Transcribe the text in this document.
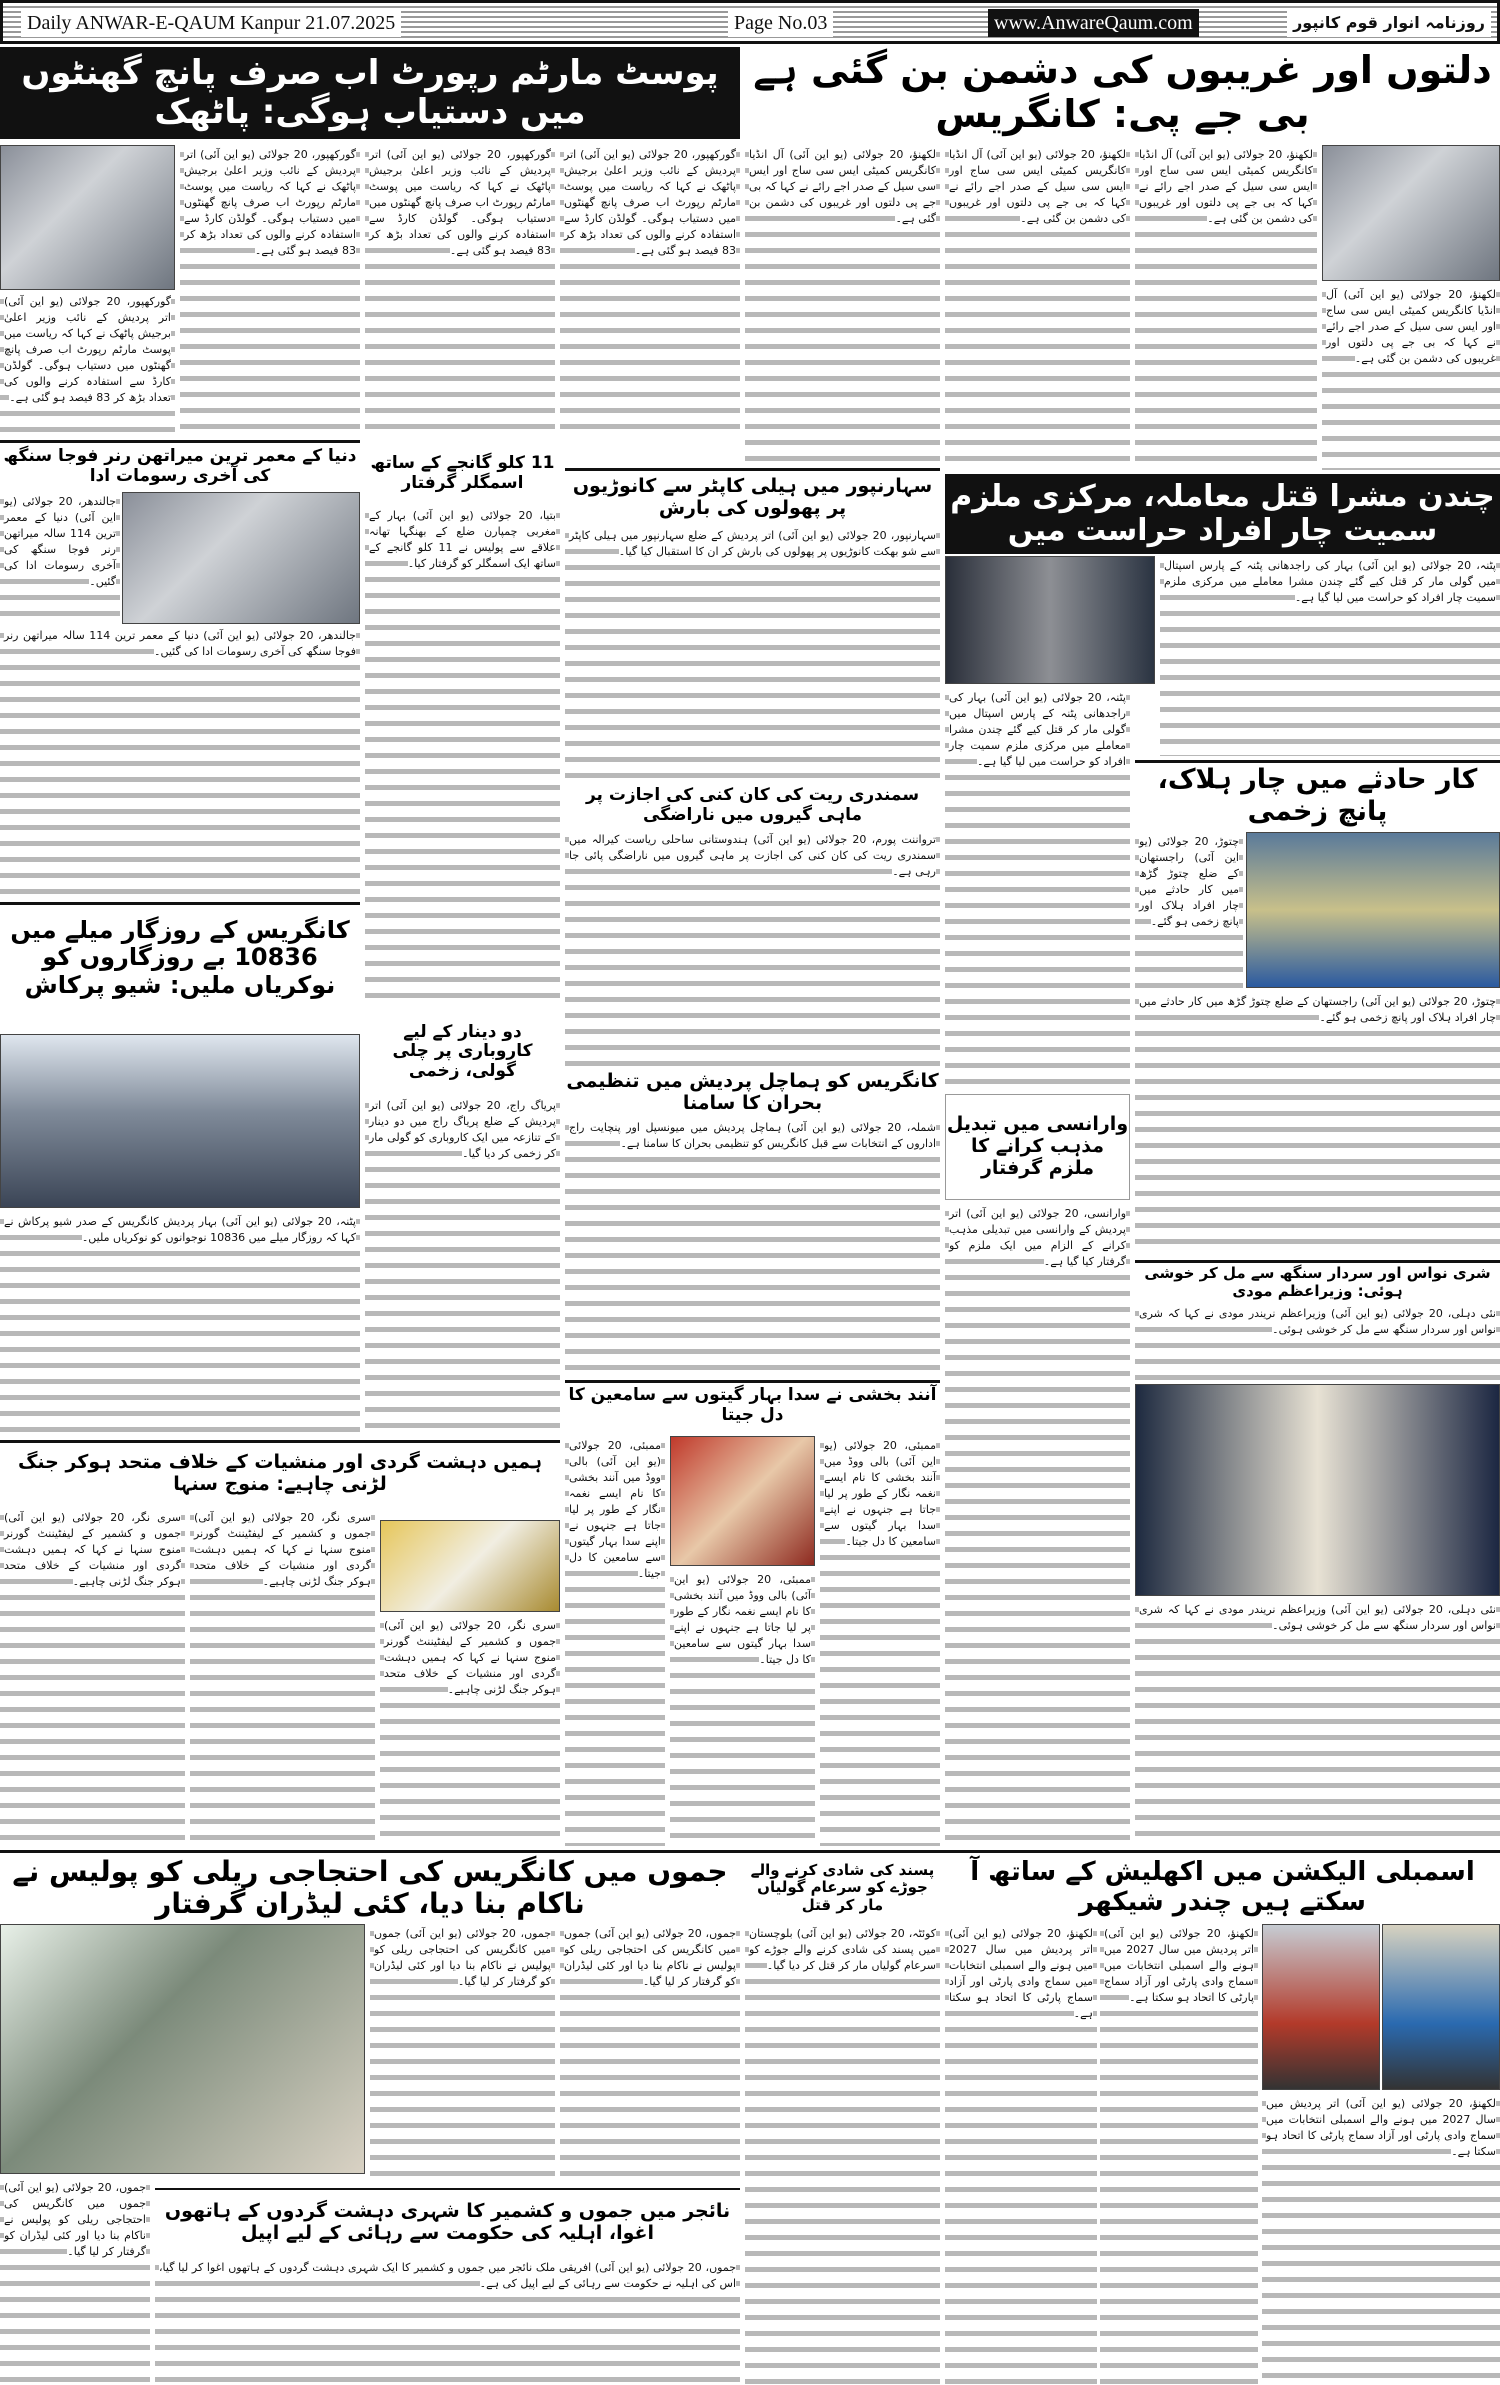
Daily ANWAR-E-QAUM Kanpur 21.07.2025	Page No.03	www.AnwareQaum.com	روزنامہ انوار قوم کانپور
پوسٹ مارٹم رپورٹ اب صرف پانچ گھنٹوں میں دستیاب ہوگی: پاٹھک
دلتوں اور غریبوں کی دشمن بن گئی ہے بی جے پی: کانگریس
گورکھپور، 20 جولائی (یو این آئی) اتر پردیش کے نائب وزیر اعلیٰ برجیش پاٹھک نے کہا کہ ریاست میں پوسٹ مارٹم رپورٹ اب صرف پانچ گھنٹوں میں دستیاب ہوگی۔ گولڈن کارڈ سے استفادہ کرنے والوں کی تعداد بڑھ کر 83 فیصد ہو گئی ہے۔
گورکھپور، 20 جولائی (یو این آئی) اتر پردیش کے نائب وزیر اعلیٰ برجیش پاٹھک نے کہا کہ ریاست میں پوسٹ مارٹم رپورٹ اب صرف پانچ گھنٹوں میں دستیاب ہوگی۔ گولڈن کارڈ سے استفادہ کرنے والوں کی تعداد بڑھ کر 83 فیصد ہو گئی ہے۔
گورکھپور، 20 جولائی (یو این آئی) اتر پردیش کے نائب وزیر اعلیٰ برجیش پاٹھک نے کہا کہ ریاست میں پوسٹ مارٹم رپورٹ اب صرف پانچ گھنٹوں میں دستیاب ہوگی۔ گولڈن کارڈ سے استفادہ کرنے والوں کی تعداد بڑھ کر 83 فیصد ہو گئی ہے۔
گورکھپور، 20 جولائی (یو این آئی) اتر پردیش کے نائب وزیر اعلیٰ برجیش پاٹھک نے کہا کہ ریاست میں پوسٹ مارٹم رپورٹ اب صرف پانچ گھنٹوں میں دستیاب ہوگی۔ گولڈن کارڈ سے استفادہ کرنے والوں کی تعداد بڑھ کر 83 فیصد ہو گئی ہے۔
لکھنؤ، 20 جولائی (یو این آئی) آل انڈیا کانگریس کمیٹی ایس سی ساج اور ایس سی سیل کے صدر اجے رائے نے کہا کہ بی جے پی دلتوں اور غریبوں کی دشمن بن گئی ہے۔
لکھنؤ، 20 جولائی (یو این آئی) آل انڈیا کانگریس کمیٹی ایس سی ساج اور ایس سی سیل کے صدر اجے رائے نے کہا کہ بی جے پی دلتوں اور غریبوں کی دشمن بن گئی ہے۔
لکھنؤ، 20 جولائی (یو این آئی) آل انڈیا کانگریس کمیٹی ایس سی ساج اور ایس سی سیل کے صدر اجے رائے نے کہا کہ بی جے پی دلتوں اور غریبوں کی دشمن بن گئی ہے۔
لکھنؤ، 20 جولائی (یو این آئی) آل انڈیا کانگریس کمیٹی ایس سی ساج اور ایس سی سیل کے صدر اجے رائے نے کہا کہ بی جے پی دلتوں اور غریبوں کی دشمن بن گئی ہے۔
دنیا کے معمر ترین میراتھن رنر فوجا سنگھ کی آخری رسومات ادا
جالندھر، 20 جولائی (یو این آئی) دنیا کے معمر ترین 114 سالہ میراتھن رنر فوجا سنگھ کی آخری رسومات ادا کی گئیں۔
جالندھر، 20 جولائی (یو این آئی) دنیا کے معمر ترین 114 سالہ میراتھن رنر فوجا سنگھ کی آخری رسومات ادا کی گئیں۔
کانگریس کے روزگار میلے میں 10836 بے روزگاروں کو نوکریاں ملیں: شیو پرکاش
پٹنہ، 20 جولائی (یو این آئی) بہار پردیش کانگریس کے صدر شیو پرکاش نے کہا کہ روزگار میلے میں 10836 نوجوانوں کو نوکریاں ملیں۔
11 کلو گانجے کے ساتھ اسمگلر گرفتار
بتیا، 20 جولائی (یو این آئی) بہار کے مغربی چمپارن ضلع کے بھنگہا تھانہ علاقے سے پولیس نے 11 کلو گانجے کے ساتھ ایک اسمگلر کو گرفتار کیا۔
دو دینار کے لیے کاروباری پر چلی گولی، زخمی
پریاگ راج، 20 جولائی (یو این آئی) اتر پردیش کے ضلع پریاگ راج میں دو دینار کے تنازعہ میں ایک کاروباری کو گولی مار کر زخمی کر دیا گیا۔
سہارنپور میں ہیلی کاپٹر سے کانوڑیوں پر پھولوں کی بارش
سہارنپور، 20 جولائی (یو این آئی) اتر پردیش کے ضلع سہارنپور میں ہیلی کاپٹر سے شو بھکت کانوڑیوں پر پھولوں کی بارش کر ان کا استقبال کیا گیا۔
سمندری ریت کی کان کنی کی اجازت پر ماہی گیروں میں ناراضگی
ترواننت پورم، 20 جولائی (یو این آئی) ہندوستانی ساحلی ریاست کیرالہ میں سمندری ریت کی کان کنی کی اجازت پر ماہی گیروں میں ناراضگی پائی جا رہی ہے۔
کانگریس کو ہماچل پردیش میں تنظیمی بحران کا سامنا
شملہ، 20 جولائی (یو این آئی) ہماچل پردیش میں میونسپل اور پنچایت راج اداروں کے انتخابات سے قبل کانگریس کو تنظیمی بحران کا سامنا ہے۔
آنند بخشی نے سدا بہار گیتوں سے سامعین کا دل جیتا
ممبئی، 20 جولائی (یو این آئی) بالی ووڈ میں آنند بخشی کا نام ایسے نغمہ نگار کے طور پر لیا جاتا ہے جنہوں نے اپنے سدا بہار گیتوں سے سامعین کا دل جیتا۔
ممبئی، 20 جولائی (یو این آئی) بالی ووڈ میں آنند بخشی کا نام ایسے نغمہ نگار کے طور پر لیا جاتا ہے جنہوں نے اپنے سدا بہار گیتوں سے سامعین کا دل جیتا۔	ممبئی، 20 جولائی (یو این آئی) بالی ووڈ میں آنند بخشی کا نام ایسے نغمہ نگار کے طور پر لیا جاتا ہے جنہوں نے اپنے سدا بہار گیتوں سے سامعین کا دل جیتا۔
ہمیں دہشت گردی اور منشیات کے خلاف متحد ہوکر جنگ لڑنی چاہیے: منوج سنہا
سری نگر، 20 جولائی (یو این آئی) جموں و کشمیر کے لیفٹیننٹ گورنر منوج سنہا نے کہا کہ ہمیں دہشت گردی اور منشیات کے خلاف متحد ہوکر جنگ لڑنی چاہیے۔
سری نگر، 20 جولائی (یو این آئی) جموں و کشمیر کے لیفٹیننٹ گورنر منوج سنہا نے کہا کہ ہمیں دہشت گردی اور منشیات کے خلاف متحد ہوکر جنگ لڑنی چاہیے۔
سری نگر، 20 جولائی (یو این آئی) جموں و کشمیر کے لیفٹیننٹ گورنر منوج سنہا نے کہا کہ ہمیں دہشت گردی اور منشیات کے خلاف متحد ہوکر جنگ لڑنی چاہیے۔
چندن مشرا قتل معاملہ، مرکزی ملزم سمیت چار افراد حراست میں
پٹنہ، 20 جولائی (یو این آئی) بہار کی راجدھانی پٹنہ کے پارس اسپتال میں گولی مار کر قتل کیے گئے چندن مشرا معاملے میں مرکزی ملزم سمیت چار افراد کو حراست میں لیا گیا ہے۔
پٹنہ، 20 جولائی (یو این آئی) بہار کی راجدھانی پٹنہ کے پارس اسپتال میں گولی مار کر قتل کیے گئے چندن مشرا معاملے میں مرکزی ملزم سمیت چار افراد کو حراست میں لیا گیا ہے۔
کار حادثے میں چار ہلاک، پانچ زخمی
چتوڑ، 20 جولائی (یو این آئی) راجستھان کے ضلع چتوڑ گڑھ میں کار حادثے میں چار افراد ہلاک اور پانچ زخمی ہو گئے۔
چتوڑ، 20 جولائی (یو این آئی) راجستھان کے ضلع چتوڑ گڑھ میں کار حادثے میں چار افراد ہلاک اور پانچ زخمی ہو گئے۔
وارانسی میں تبدیل مذہب کرانے کا ملزم گرفتار
وارانسی، 20 جولائی (یو این آئی) اتر پردیش کے وارانسی میں تبدیلی مذہب کرانے کے الزام میں ایک ملزم کو گرفتار کیا گیا ہے۔
شری نواس اور سردار سنگھ سے مل کر خوشی ہوئی: وزیراعظم مودی
نئی دہلی، 20 جولائی (یو این آئی) وزیراعظم نریندر مودی نے کہا کہ شری نواس اور سردار سنگھ سے مل کر خوشی ہوئی۔
نئی دہلی، 20 جولائی (یو این آئی) وزیراعظم نریندر مودی نے کہا کہ شری نواس اور سردار سنگھ سے مل کر خوشی ہوئی۔
جموں میں کانگریس کی احتجاجی ریلی کو پولیس نے ناکام بنا دیا، کئی لیڈران گرفتار
جموں، 20 جولائی (یو این آئی) جموں میں کانگریس کی احتجاجی ریلی کو پولیس نے ناکام بنا دیا اور کئی لیڈران کو گرفتار کر لیا گیا۔
جموں، 20 جولائی (یو این آئی) جموں میں کانگریس کی احتجاجی ریلی کو پولیس نے ناکام بنا دیا اور کئی لیڈران کو گرفتار کر لیا گیا۔
جموں، 20 جولائی (یو این آئی) جموں میں کانگریس کی احتجاجی ریلی کو پولیس نے ناکام بنا دیا اور کئی لیڈران کو گرفتار کر لیا گیا۔
پسند کی شادی کرنے والے جوڑے کو سرعام گولیاں مار کر قتل
کوئٹہ، 20 جولائی (یو این آئی) بلوچستان میں پسند کی شادی کرنے والے جوڑے کو سرعام گولیاں مار کر قتل کر دیا گیا۔
اسمبلی الیکشن میں اکھلیش کے ساتھ آ سکتے ہیں چندر شیکھر
لکھنؤ، 20 جولائی (یو این آئی) اتر پردیش میں سال 2027 میں ہونے والے اسمبلی انتخابات میں سماج وادی پارٹی اور آزاد سماج پارٹی کا اتحاد ہو سکتا ہے۔
لکھنؤ، 20 جولائی (یو این آئی) اتر پردیش میں سال 2027 میں ہونے والے اسمبلی انتخابات میں سماج وادی پارٹی اور آزاد سماج پارٹی کا اتحاد ہو سکتا ہے۔
لکھنؤ، 20 جولائی (یو این آئی) اتر پردیش میں سال 2027 میں ہونے والے اسمبلی انتخابات میں سماج وادی پارٹی اور آزاد سماج پارٹی کا اتحاد ہو سکتا ہے۔
نائجر میں جموں و کشمیر کا شہری دہشت گردوں کے ہاتھوں اغوا، اہلیہ کی حکومت سے رہائی کے لیے اپیل
جموں، 20 جولائی (یو این آئی) افریقی ملک نائجر میں جموں و کشمیر کا ایک شہری دہشت گردوں کے ہاتھوں اغوا کر لیا گیا، اس کی اہلیہ نے حکومت سے رہائی کے لیے اپیل کی ہے۔
